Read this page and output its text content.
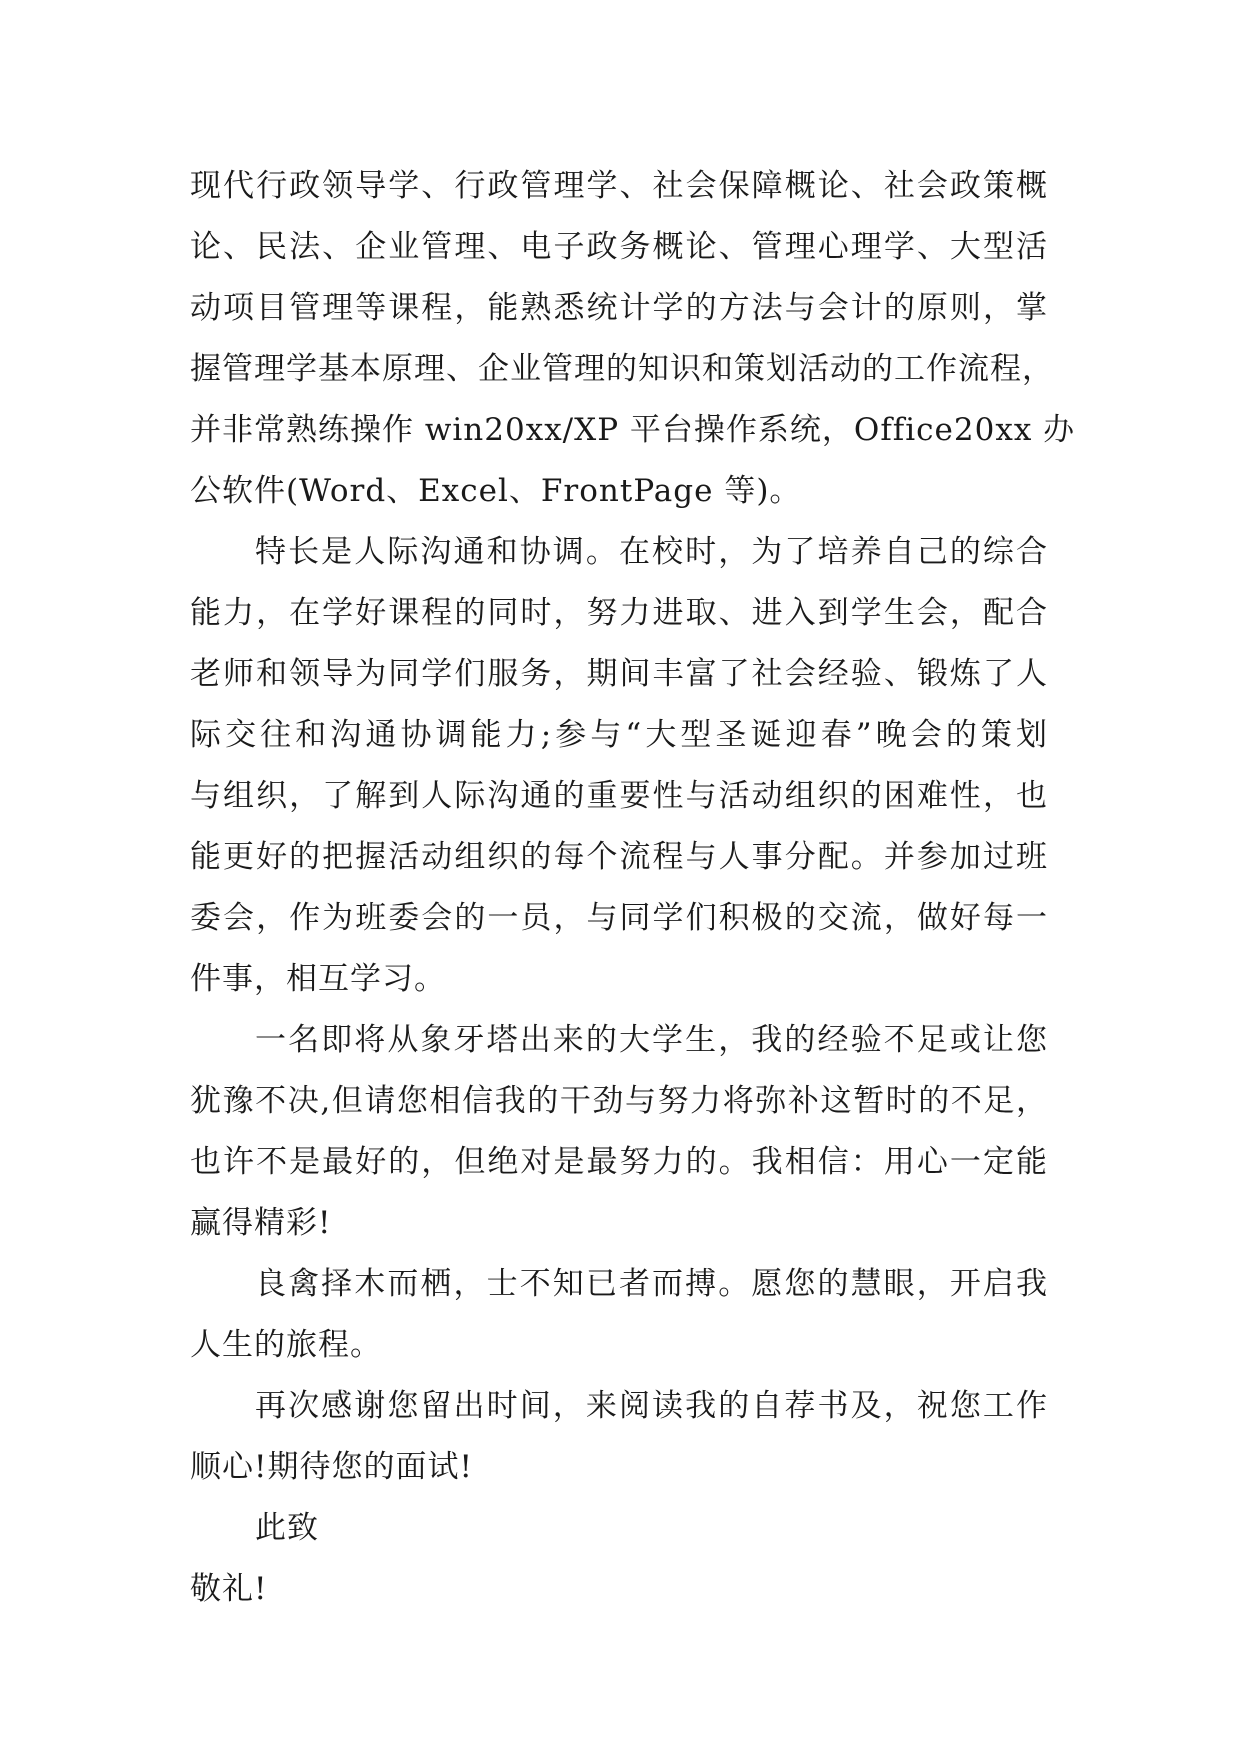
现代行政领导学、行政管理学、社会保障概论、社会政策概
论、民法、企业管理、电子政务概论、管理心理学、大型活
动项目管理等课程，能熟悉统计学的方法与会计的原则，掌
握管理学基本原理、企业管理的知识和策划活动的工作流程，
并非常熟练操作 win20xx/XP 平台操作系统，Office20xx 办
公软件(Word、Excel、FrontPage 等)。

特长是人际沟通和协调。在校时，为了培养自己的综合
能力，在学好课程的同时，努力进取、进入到学生会，配合
老师和领导为同学们服务，期间丰富了社会经验、锻炼了人
际交往和沟通协调能力;参与“大型圣诞迎春”晚会的策划
与组织，了解到人际沟通的重要性与活动组织的困难性，也
能更好的把握活动组织的每个流程与人事分配。并参加过班
委会，作为班委会的一员，与同学们积极的交流，做好每一
件事，相互学习。

一名即将从象牙塔出来的大学生，我的经验不足或让您
犹豫不决,但请您相信我的干劲与努力将弥补这暂时的不足，
也许不是最好的，但绝对是最努力的。我相信：用心一定能
赢得精彩!

良禽择木而栖，士不知已者而搏。愿您的慧眼，开启我
人生的旅程。

再次感谢您留出时间，来阅读我的自荐书及，祝您工作
顺心!期待您的面试!

此致

敬礼!
